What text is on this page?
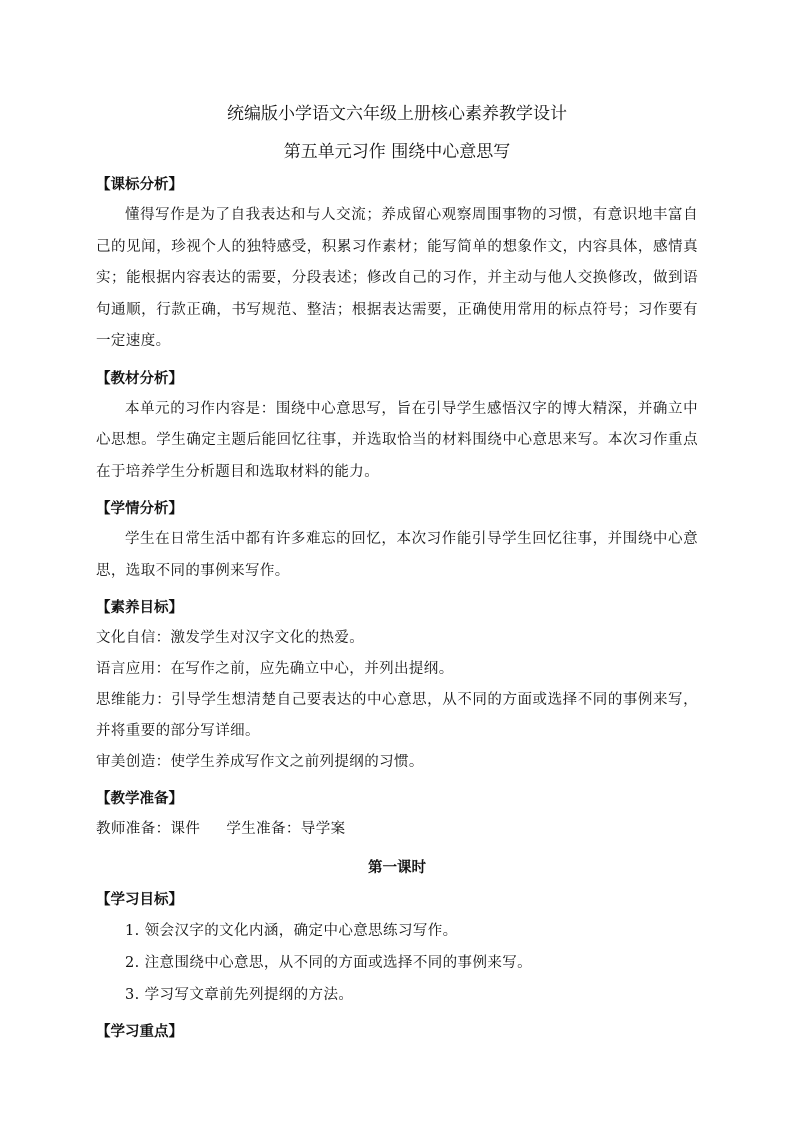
统编版小学语文六年级上册核心素养教学设计
第五单元习作 围绕中心意思写
【课标分析】

懂得写作是为了自我表达和与人交流；养成留心观察周围事物的习惯，有意识地丰富自己的见闻，珍视个人的独特感受，积累习作素材；能写简单的想象作文，内容具体，感情真实；能根据内容表达的需要，分段表述；修改自己的习作，并主动与他人交换修改，做到语句通顺，行款正确，书写规范、整洁；根据表达需要，正确使用常用的标点符号；习作要有一定速度。

【教材分析】

本单元的习作内容是：围绕中心意思写，旨在引导学生感悟汉字的博大精深，并确立中心思想。学生确定主题后能回忆往事，并选取恰当的材料围绕中心意思来写。本次习作重点在于培养学生分析题目和选取材料的能力。

【学情分析】

学生在日常生活中都有许多难忘的回忆，本次习作能引导学生回忆往事，并围绕中心意思，选取不同的事例来写作。

【素养目标】

文化自信：激发学生对汉字文化的热爱。

语言应用：在写作之前，应先确立中心，并列出提纲。

思维能力：引导学生想清楚自己要表达的中心意思，从不同的方面或选择不同的事例来写，并将重要的部分写详细。

审美创造：使学生养成写作文之前列提纲的习惯。

【教学准备】

教师准备：课件 学生准备：导学案

第一课时
【学习目标】

1. 领会汉字的文化内涵，确定中心意思练习写作。

2. 注意围绕中心意思，从不同的方面或选择不同的事例来写。

3. 学习写文章前先列提纲的方法。

【学习重点】
